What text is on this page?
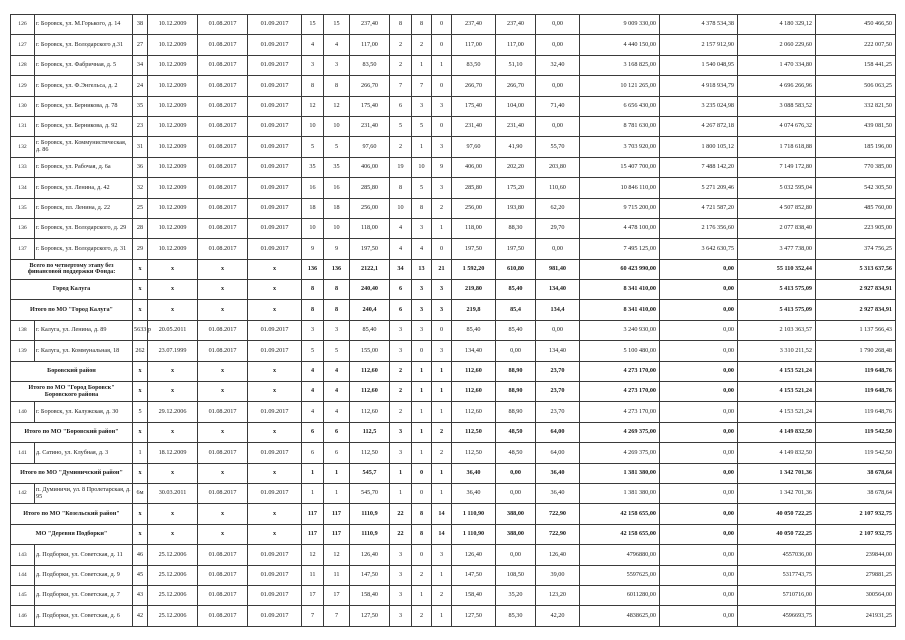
126	г. Боровск, ул. М.Горького, д. 14	38	10.12.2009	01.08.2017	01.09.2017	15	15	237,40	8	8	0	237,40	237,40	0,00	9 009 330,00	4 378 534,38	4 180 329,12	450 466,50
127	г. Боровск, ул. Володарского д.31	27	10.12.2009	01.08.2017	01.09.2017	4	4	117,00	2	2	0	117,00	117,00	0,00	4 440 150,00	2 157 912,90	2 060 229,60	222 007,50
128	г. Боровск, ул. Фабричная, д. 5	34	10.12.2009	01.08.2017	01.09.2017	3	3	83,50	2	1	1	83,50	51,10	32,40	3 168 825,00	1 540 048,95	1 470 334,80	158 441,25
129	г. Боровск, ул. Ф.Энгельса, д. 2	24	10.12.2009	01.08.2017	01.09.2017	8	8	266,70	7	7	0	266,70	266,70	0,00	10 121 265,00	4 918 934,79	4 696 266,96	506 063,25
130	г. Боровск, ул. Берникова, д. 78	35	10.12.2009	01.08.2017	01.09.2017	12	12	175,40	6	3	3	175,40	104,00	71,40	6 656 430,00	3 235 024,98	3 088 583,52	332 821,50
131	г. Боровск, ул. Берникова, д. 92	23	10.12.2009	01.08.2017	01.09.2017	10	10	231,40	5	5	0	231,40	231,40	0,00	8 781 630,00	4 267 872,18	4 074 676,32	439 081,50
132	г. Боровск, ул. Коммунистическая, д. 86	31	10.12.2009	01.08.2017	01.09.2017	5	5	97,60	2	1	3	97,60	41,90	55,70	3 703 920,00	1 800 105,12	1 718 618,88	185 196,00
133	г. Боровск, ул. Рабочая, д. 6а	36	10.12.2009	01.08.2017	01.09.2017	35	35	406,00	19	10	9	406,00	202,20	203,80	15 407 700,00	7 488 142,20	7 149 172,80	770 385,00
134	г. Боровск, ул. Ленина, д. 42	32	10.12.2009	01.08.2017	01.09.2017	16	16	285,80	8	5	3	285,80	175,20	110,60	10 846 110,00	5 271 209,46	5 032 595,04	542 305,50
135	г. Боровск, пл. Ленина, д. 22	25	10.12.2009	01.08.2017	01.09.2017	18	18	256,00	10	8	2	256,00	193,80	62,20	9 715 200,00	4 721 587,20	4 507 852,80	485 760,00
136	г. Боровск, ул. Володарского, д. 29	28	10.12.2009	01.08.2017	01.09.2017	10	10	118,00	4	3	1	118,00	88,30	29,70	4 478 100,00	2 176 356,60	2 077 838,40	223 905,00
137	г. Боровск, ул. Володарского, д. 31	29	10.12.2009	01.08.2017	01.09.2017	9	9	197,50	4	4	0	197,50	197,50	0,00	7 495 125,00	3 642 630,75	3 477 738,00	374 756,25
Всего по четвертому этапу без финансовой поддержки Фонда:		x	x	x	x	136	136	2122,1	34	13	21	1 592,20	610,80	981,40	60 423 990,00	0,00	55 110 352,44	5 313 637,56
Город Калуга		x	x	x	x	8	8	240,40	6	3	3	219,80	85,40	134,40	8 341 410,00	0,00	5 413 575,09	2 927 834,91
Итого по МО "Город Калуга"		x	x	x	x	8	8	240,4	6	3	3	219,8	85,4	134,4	8 341 410,00	0,00	5 413 575,09	2 927 834,91
138	г. Калуга, ул. Ленина, д. 89	5633 р	20.05.2011	01.08.2017	01.09.2017	3	3	85,40	3	3	0	85,40	85,40	0,00	3 240 930,00	0,00	2 103 363,57	1 137 566,43
139	г. Калуга, ул. Коммунальная, 18	262	23.07.1999	01.08.2017	01.09.2017	5	5	155,00	3	0	3	134,40	0,00	134,40	5 100 480,00	0,00	3 310 211,52	1 790 268,48
Боровский район		x	x	x	x	4	4	112,60	2	1	1	112,60	88,90	23,70	4 273 170,00	0,00	4 153 521,24	119 648,76
Итого по МО "Город Боровск" Боровского района		x	x	x	x	4	4	112,60	2	1	1	112,60	88,90	23,70	4 273 170,00	0,00	4 153 521,24	119 648,76
140	г. Боровск, ул. Калужская, д. 30	5	29.12.2006	01.08.2017	01.09.2017	4	4	112,60	2	1	1	112,60	88,90	23,70	4 273 170,00	0,00	4 153 521,24	119 648,76
Итого по МО "Боровский район"		x	x	x	x	6	6	112,5	3	1	2	112,50	48,50	64,00	4 269 375,00	0,00	4 149 832,50	119 542,50
141	д. Сатино, ул. Клубная, д. 3	1	18.12.2009	01.08.2017	01.09.2017	6	6	112,50	3	1	2	112,50	48,50	64,00	4 269 375,00	0,00	4 149 832,50	119 542,50
Итого по МО "Думиничский район"		x	x	x	x	1	1	545,7	1	0	1	36,40	0,00	36,40	1 381 380,00	0,00	1 342 701,36	38 678,64
142	п. Думиничи, ул. 8 Пролетарская, д. 95	6м	30.03.2011	01.08.2017	01.09.2017	1	1	545,70	1	0	1	36,40	0,00	36,40	1 381 380,00	0,00	1 342 701,36	38 678,64
Итого по МО "Козельский район"		x	x	x	x	117	117	1110,9	22	8	14	1 110,90	388,00	722,90	42 158 655,00	0,00	40 050 722,25	2 107 932,75
МО "Деревня Подборки"		x	x	x	x	117	117	1110,9	22	8	14	1 110,90	388,00	722,90	42 158 655,00	0,00	40 050 722,25	2 107 932,75
143	д. Подборки, ул. Советская, д. 11	46	25.12.2006	01.08.2017	01.09.2017	12	12	126,40	3	0	3	126,40	0,00	126,40	4796880,00	0,00	4557036,00	239844,00
144	д. Подборки, ул. Советская, д. 9	45	25.12.2006	01.08.2017	01.09.2017	11	11	147,50	3	2	1	147,50	108,50	39,00	5597625,00	0,00	5317743,75	279881,25
145	д. Подборки, ул. Советская, д. 7	43	25.12.2006	01.08.2017	01.09.2017	17	17	158,40	3	1	2	158,40	35,20	123,20	6011280,00	0,00	5710716,00	300564,00
146	д. Подборки, ул. Советская, д. 6	42	25.12.2006	01.08.2017	01.09.2017	7	7	127,50	3	2	1	127,50	85,30	42,20	4838625,00	0,00	4596693,75	241931,25
